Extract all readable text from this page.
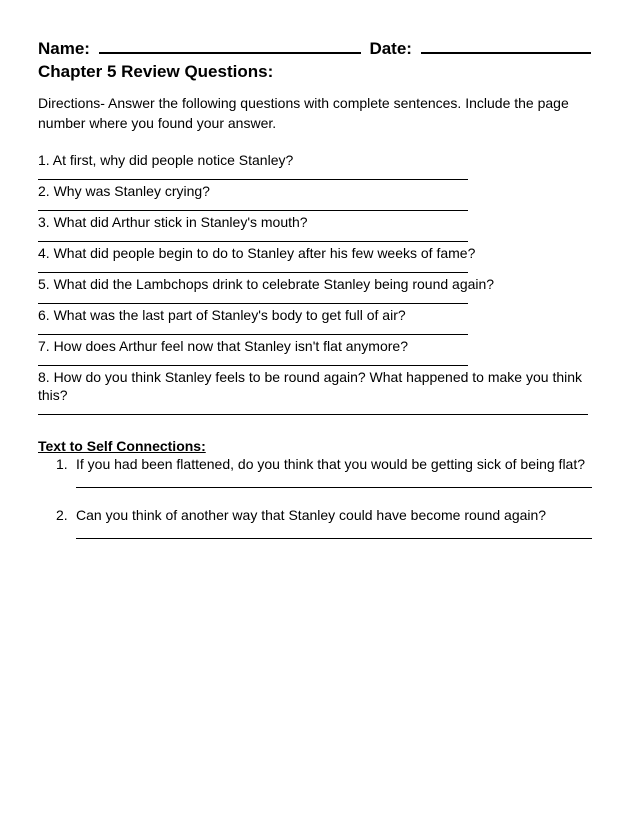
Name:	Date:
Chapter 5 Review Questions:
Directions- Answer the following questions with complete sentences. Include the page number where you found your answer.
1. At first, why did people notice Stanley?
2. Why was Stanley crying?
3. What did Arthur stick in Stanley's mouth?
4. What did people begin to do to Stanley after his few weeks of fame?
5. What did the Lambchops drink to celebrate Stanley being round again?
6. What was the last part of Stanley's body to get full of air?
7. How does Arthur feel now that Stanley isn't flat anymore?
8. How do you think Stanley feels to be round again? What happened to make you think this?
Text to Self Connections:
1. If you had been flattened, do you think that you would be getting sick of being flat?
2. Can you think of another way that Stanley could have become round again?
